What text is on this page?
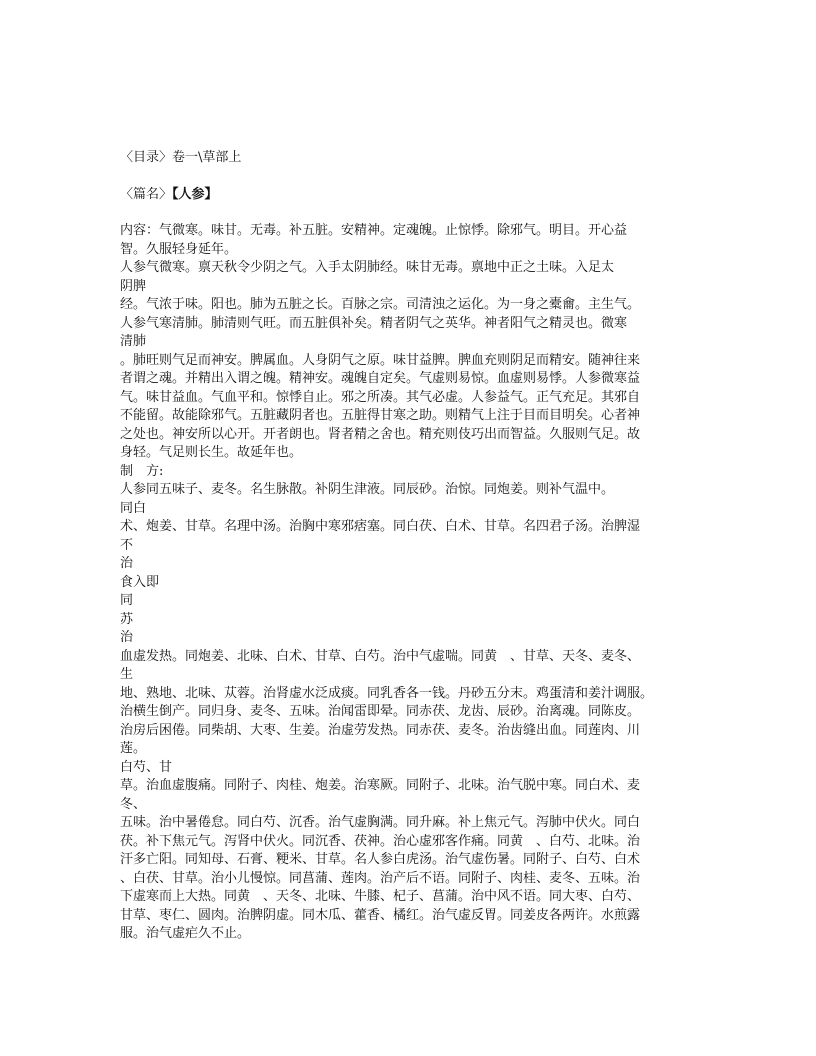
〈目录〉卷一\草部上

〈篇名〉【人参】

内容：气微寒。味甘。无毒。补五脏。安精神。定魂魄。止惊悸。除邪气。明目。开心益

智。久服轻身延年。

人参气微寒。禀天秋令少阴之气。入手太阴肺经。味甘无毒。禀地中正之土味。入足太

阴脾

经。气浓于味。阳也。肺为五脏之长。百脉之宗。司清浊之运化。为一身之橐龠。主生气。

人参气寒清肺。肺清则气旺。而五脏俱补矣。精者阴气之英华。神者阳气之精灵也。微寒

清肺

。肺旺则气足而神安。脾属血。人身阴气之原。味甘益脾。脾血充则阴足而精安。随神往来

者谓之魂。并精出入谓之魄。精神安。魂魄自定矣。气虚则易惊。血虚则易悸。人参微寒益

气。味甘益血。气血平和。惊悸自止。邪之所凑。其气必虚。人参益气。正气充足。其邪自

不能留。故能除邪气。五脏藏阴者也。五脏得甘寒之助。则精气上注于目而目明矣。心者神

之处也。神安所以心开。开者朗也。肾者精之舍也。精充则伎巧出而智益。久服则气足。故

身轻。气足则长生。故延年也。

制　方:

人参同五味子、麦冬。名生脉散。补阴生津液。同辰砂。治惊。同炮姜。则补气温中。

同白

术、炮姜、甘草。名理中汤。治胸中寒邪痞塞。同白茯、白术、甘草。名四君子汤。治脾湿

不

治

食入即

同

苏

治

血虚发热。同炮姜、北味、白术、甘草、白芍。治中气虚喘。同黄　、甘草、天冬、麦冬、

生

地、熟地、北味、苁蓉。治肾虚水泛成痰。同乳香各一钱。丹砂五分末。鸡蛋清和姜汁调服。

治横生倒产。同归身、麦冬、五味。治闻雷即晕。同赤茯、龙齿、辰砂。治离魂。同陈皮。

治房后困倦。同柴胡、大枣、生姜。治虚劳发热。同赤茯、麦冬。治齿缝出血。同莲肉、川

莲。

白芍、甘

草。治血虚腹痛。同附子、肉桂、炮姜。治寒厥。同附子、北味。治气脱中寒。同白术、麦

冬、

五味。治中暑倦怠。同白芍、沉香。治气虚胸满。同升麻。补上焦元气。泻肺中伏火。同白

茯。补下焦元气。泻肾中伏火。同沉香、茯神。治心虚邪客作痛。同黄　、白芍、北味。治

汗多亡阳。同知母、石膏、粳米、甘草。名人参白虎汤。治气虚伤暑。同附子、白芍、白术

、白茯、甘草。治小儿慢惊。同菖蒲、莲肉。治产后不语。同附子、肉桂、麦冬、五味。治

下虚寒而上大热。同黄　、天冬、北味、牛膝、杞子、菖蒲。治中风不语。同大枣、白芍、

甘草、枣仁、圆肉。治脾阴虚。同木瓜、藿香、橘红。治气虚反胃。同姜皮各两许。水煎露

服。治气虚疟久不止。
